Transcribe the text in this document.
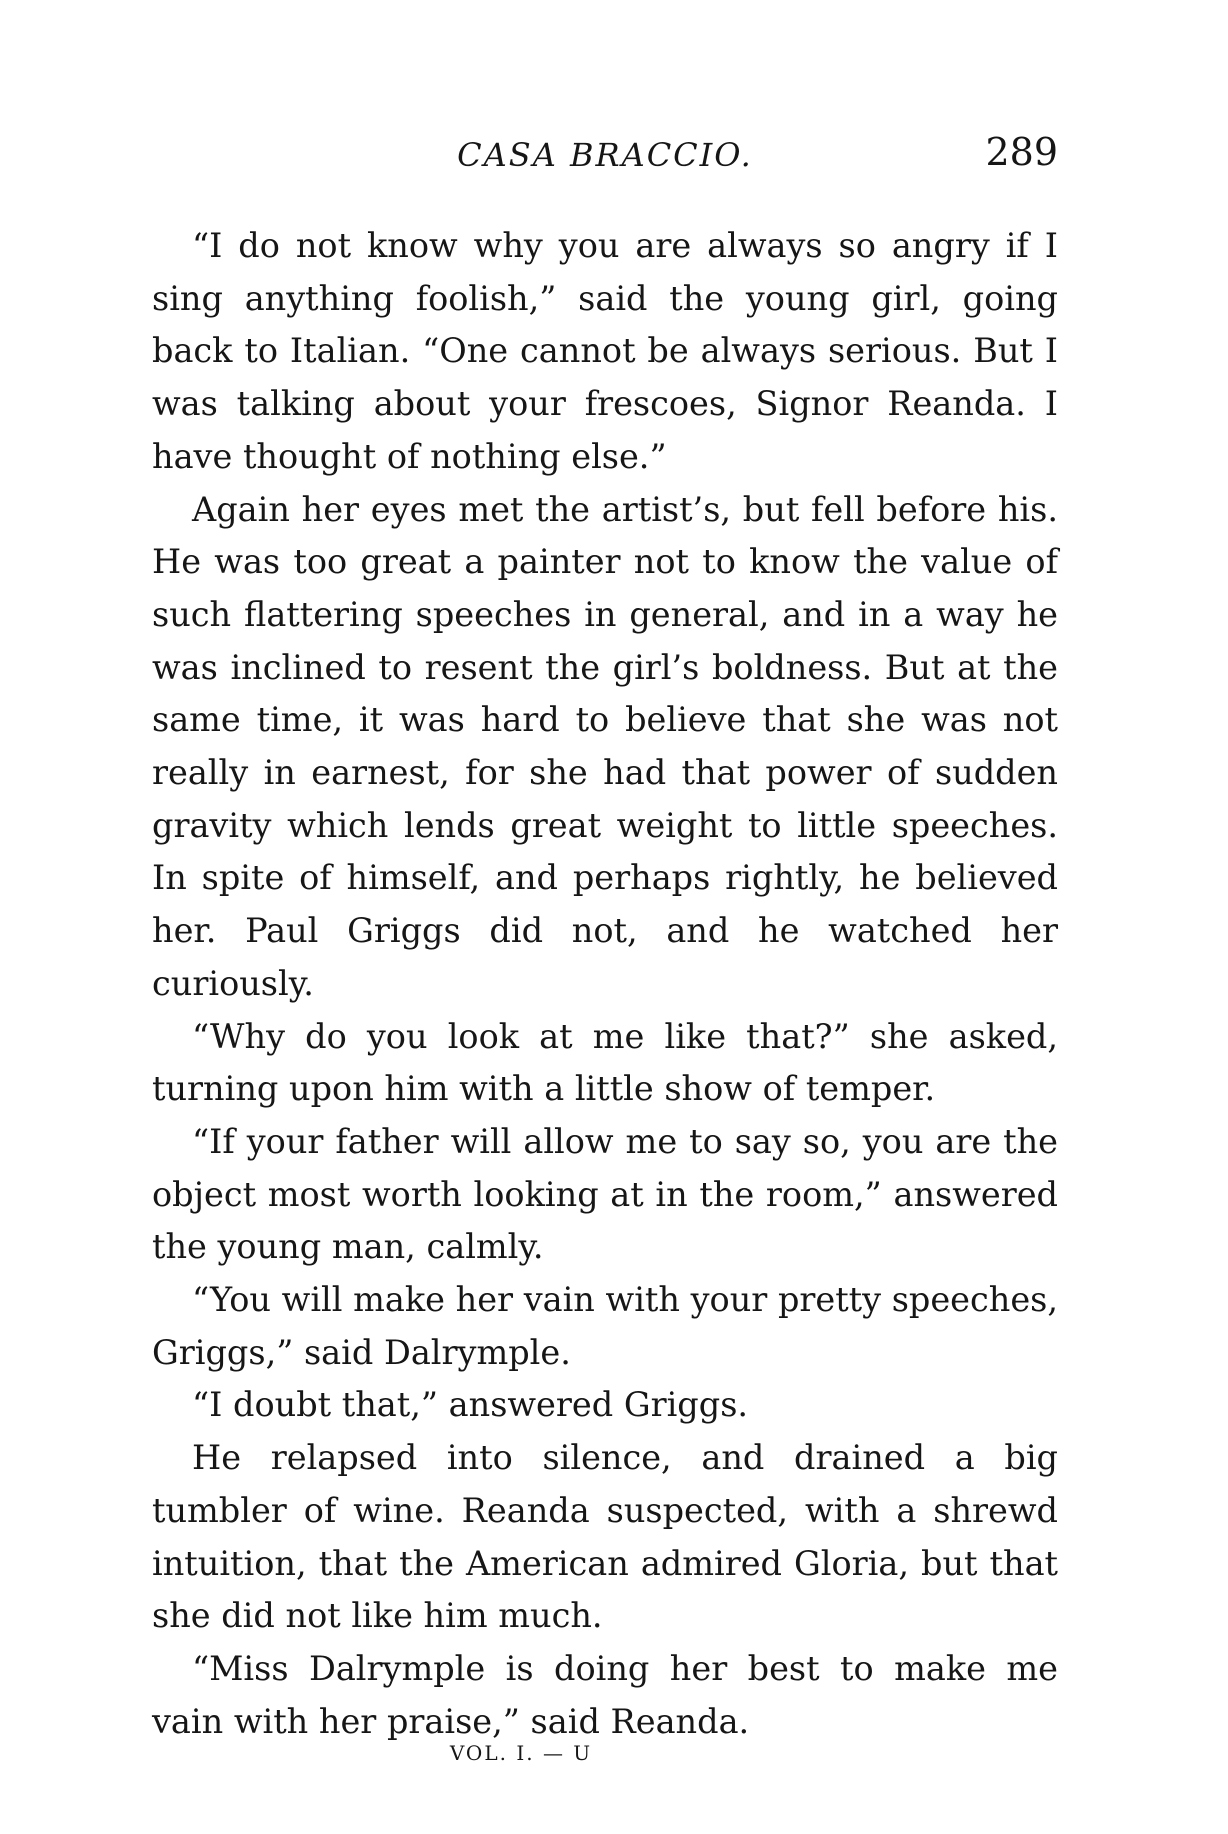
CASA BRACCIO.	289

“I do not know why you are always so angry if I sing anything foolish,” said the young girl, going back to Italian. “One cannot be always serious. But I was talking about your frescoes, Signor Reanda. I have thought of nothing else.”

Again her eyes met the artist’s, but fell before his. He was too great a painter not to know the value of such flattering speeches in general, and in a way he was inclined to resent the girl’s boldness. But at the same time, it was hard to believe that she was not really in earnest, for she had that power of sudden gravity which lends great weight to little speeches. In spite of himself, and perhaps rightly, he believed her. Paul Griggs did not, and he watched her curiously.

“Why do you look at me like that?” she asked, turning upon him with a little show of temper.

“If your father will allow me to say so, you are the object most worth looking at in the room,” answered the young man, calmly.

“You will make her vain with your pretty speeches, Griggs,” said Dalrymple.

“I doubt that,” answered Griggs.

He relapsed into silence, and drained a big tumbler of wine. Reanda suspected, with a shrewd intuition, that the American admired Gloria, but that she did not like him much.

“Miss Dalrymple is doing her best to make me vain with her praise,” said Reanda.

VOL. I. — U
